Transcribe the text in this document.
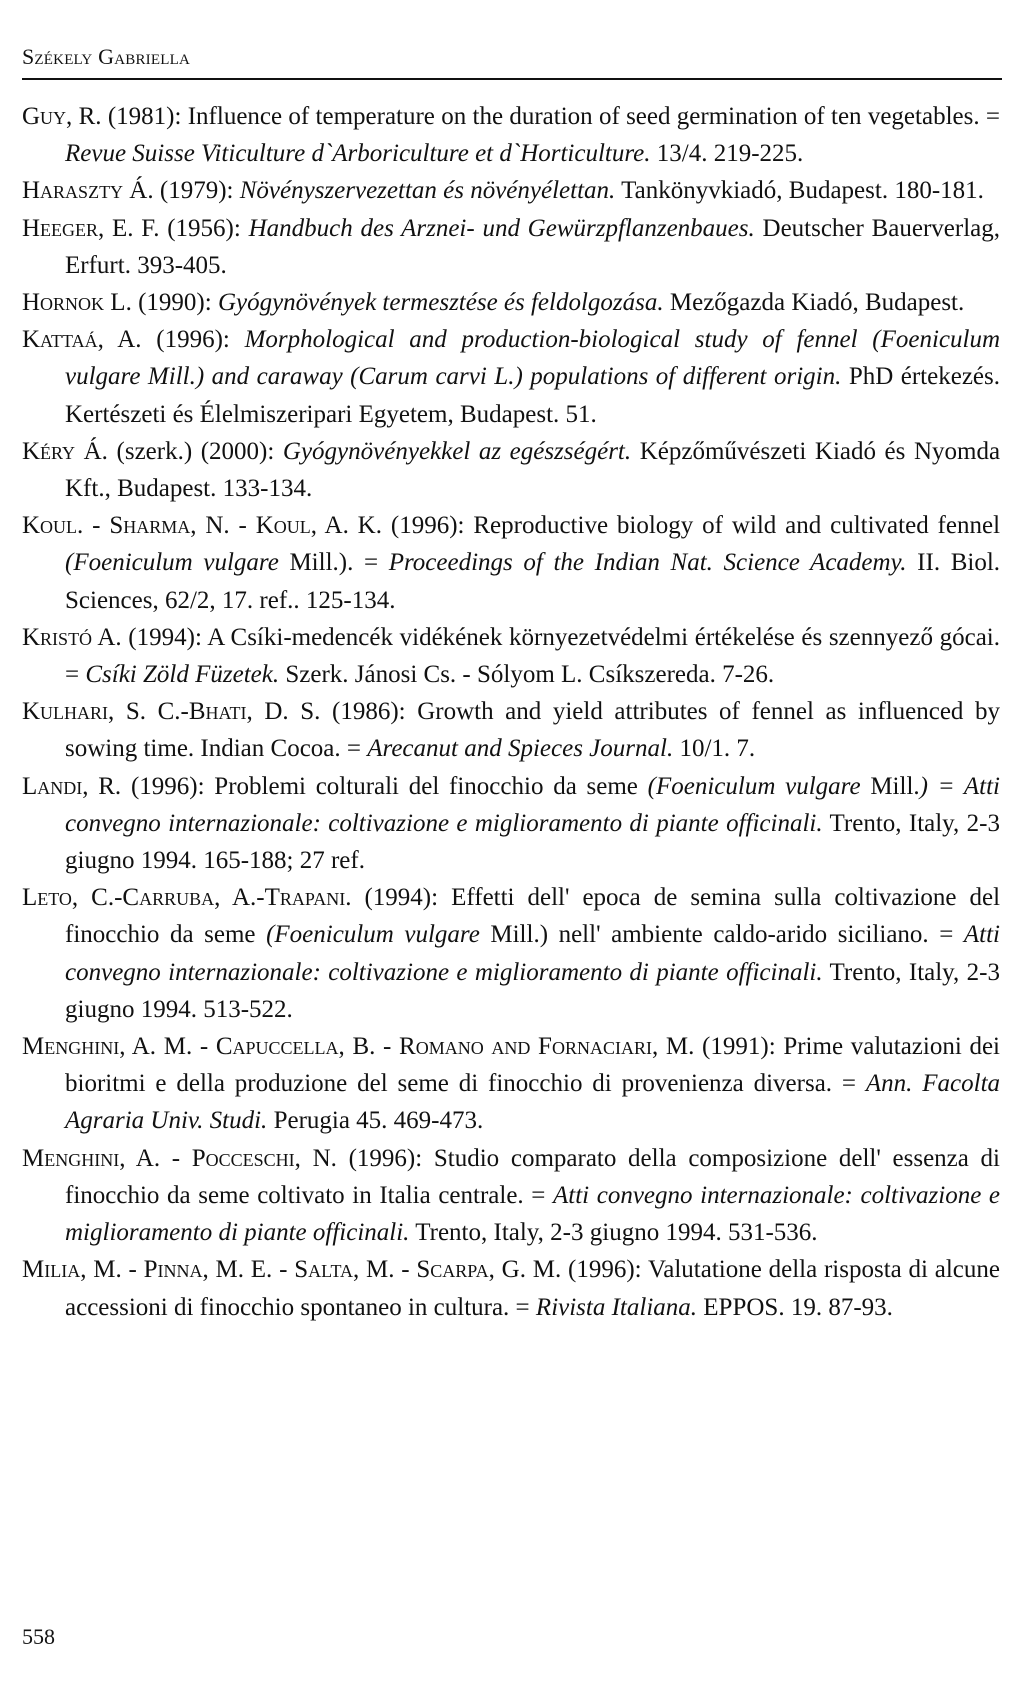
Székely Gabriella

Guy, R. (1981): Influence of temperature on the duration of seed germination of ten vegetables. = Revue Suisse Viticulture d`Arboriculture et d`Horticulture. 13/4. 219-225.

Haraszty Á. (1979): Növényszervezettan és növényélettan. Tankönyvkiadó, Budapest. 180-181.

Heeger, E. F. (1956): Handbuch des Arznei- und Gewürzpflanzenbaues. Deutscher Bauerverlag, Erfurt. 393-405.

Hornok L. (1990): Gyógynövények termesztése és feldolgozása. Mezőgazda Kiadó, Budapest.

Kattaá, A. (1996): Morphological and production-biological study of fennel (Foeniculum vulgare Mill.) and caraway (Carum carvi L.) populations of different origin. PhD értekezés. Kertészeti és Élelmiszeripari Egyetem, Budapest. 51.

Kéry Á. (szerk.) (2000): Gyógynövényekkel az egészségért. Képzőművészeti Kiadó és Nyomda Kft., Budapest. 133-134.

Koul. - Sharma, N. - Koul, A. K. (1996): Reproductive biology of wild and cultivated fennel (Foeniculum vulgare Mill.). = Proceedings of the Indian Nat. Science Academy. II. Biol. Sciences, 62/2, 17. ref.. 125-134.

Kristó A. (1994): A Csíki-medencék vidékének környezetvédelmi értékelése és szennyező gócai. = Csíki Zöld Füzetek. Szerk. Jánosi Cs. - Sólyom L. Csíkszereda. 7-26.

Kulhari, S. C.-Bhati, D. S. (1986): Growth and yield attributes of fennel as influenced by sowing time. Indian Cocoa. = Arecanut and Spieces Journal. 10/1. 7.

Landi, R. (1996): Problemi colturali del finocchio da seme (Foeniculum vulgare Mill.) = Atti convegno internazionale: coltivazione e miglioramento di piante officinali. Trento, Italy, 2-3 giugno 1994. 165-188; 27 ref.

Leto, C.-Carruba, A.-Trapani. (1994): Effetti dell' epoca de semina sulla coltivazione del finocchio da seme (Foeniculum vulgare Mill.) nell' ambiente caldo-arido siciliano. = Atti convegno internazionale: coltivazione e miglioramento di piante officinali. Trento, Italy, 2-3 giugno 1994. 513-522.

Menghini, A. M. - Capuccella, B. - Romano and Fornaciari, M. (1991): Prime valutazioni dei bioritmi e della produzione del seme di finocchio di provenienza diversa. = Ann. Facolta Agraria Univ. Studi. Perugia 45. 469-473.

Menghini, A. - Pocceschi, N. (1996): Studio comparato della composizione dell' essenza di finocchio da seme coltivato in Italia centrale. = Atti convegno internazionale: coltivazione e miglioramento di piante officinali. Trento, Italy, 2-3 giugno 1994. 531-536.

Milia, M. - Pinna, M. E. - Salta, M. - Scarpa, G. M. (1996): Valutatione della risposta di alcune accessioni di finocchio spontaneo in cultura. = Rivista Italiana. EPPOS. 19. 87-93.

558
